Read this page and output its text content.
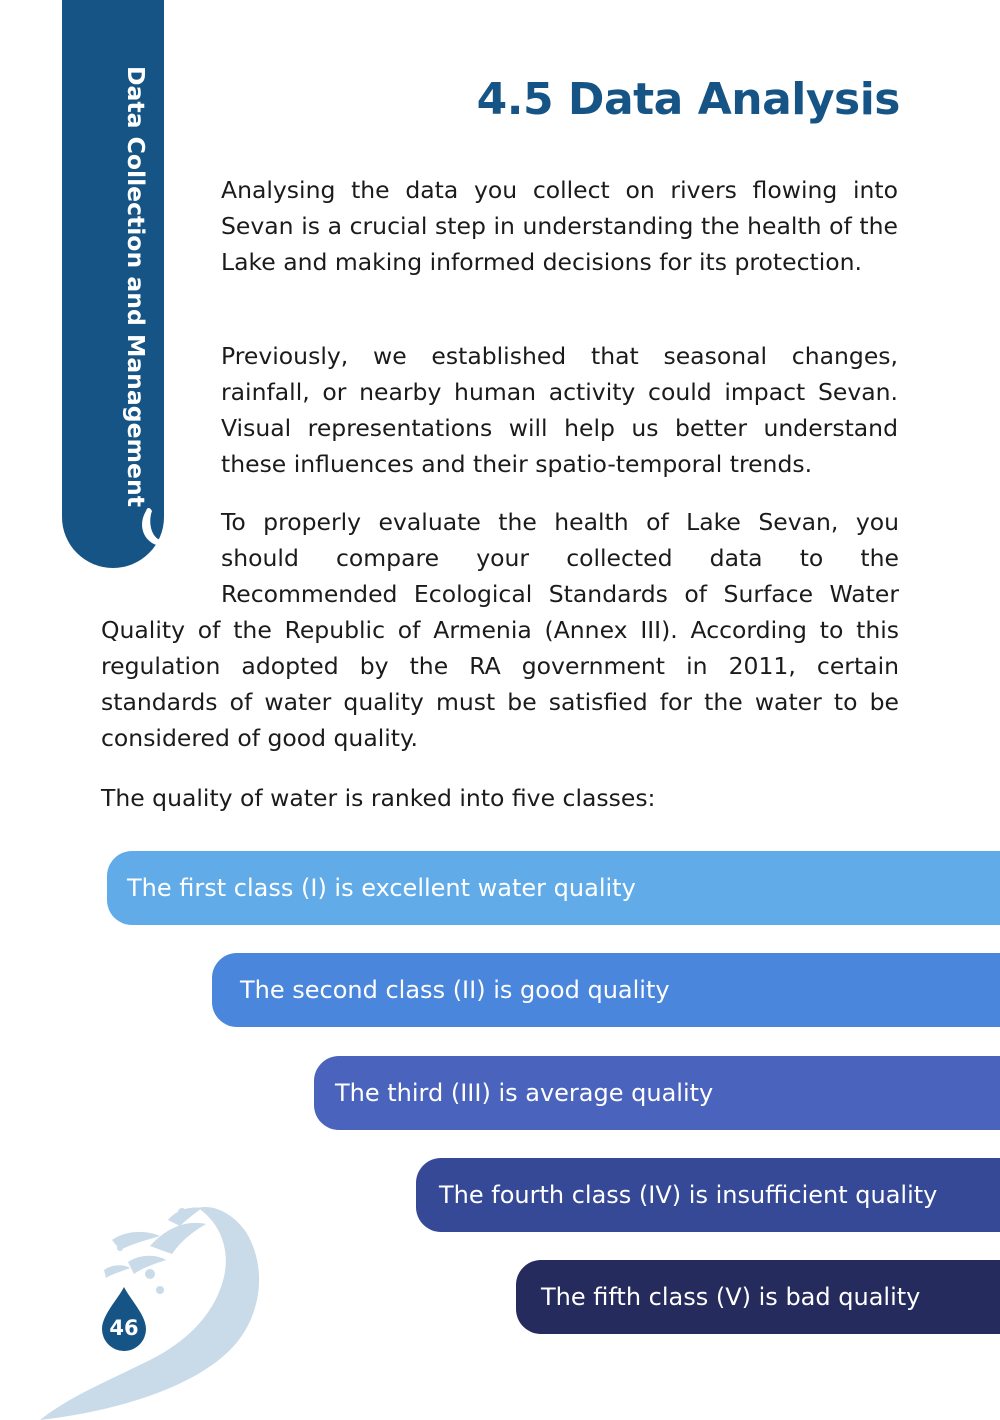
Data Collection and Management	4.5 Data Analysis

Analysing the data you collect on rivers flowing into Sevan is a crucial step in understanding the health of the Lake and making informed decisions for its protection.

Previously, we established that seasonal changes, rainfall, or nearby human activity could impact Sevan. Visual representations will help us better understand these influences and their spatio-temporal trends.

To properly evaluate the health of Lake Sevan, you should compare your collected data to the Recommended Ecological Standards of Surface Water Quality of the Republic of Armenia (Annex III). According to this regulation adopted by the RA government in 2011, certain standards of water quality must be satisfied for the water to be considered of good quality.

The quality of water is ranked into five classes:

The first class (I) is excellent water quality
The second class (II) is good quality
The third (III) is average quality
The fourth class (IV) is insufficient quality
The fifth class (V) is bad quality
46
